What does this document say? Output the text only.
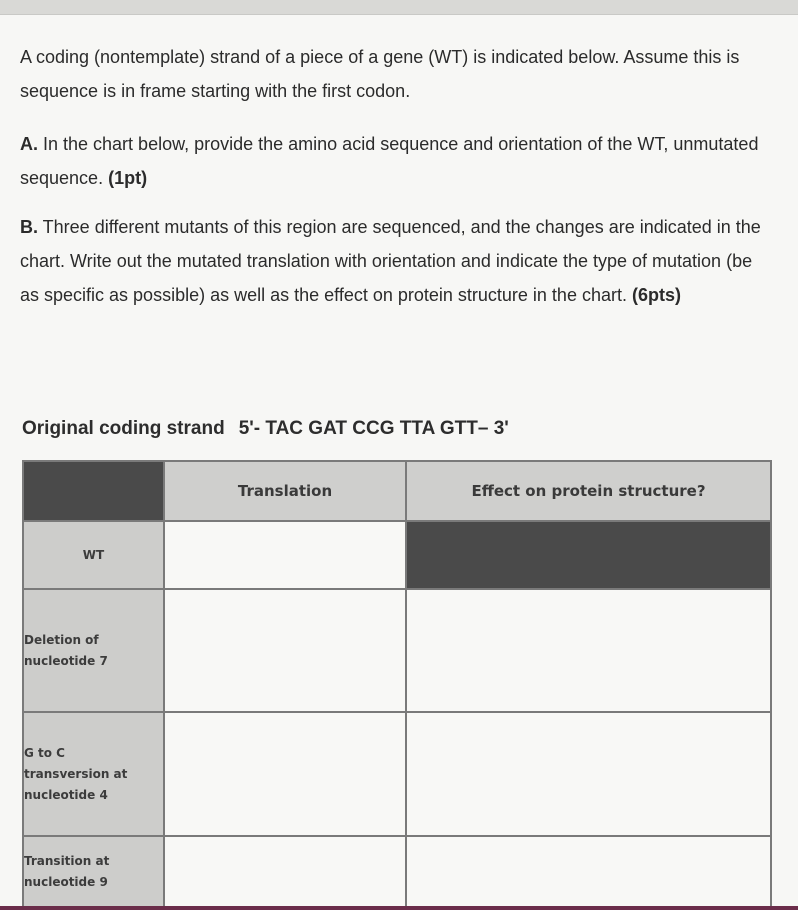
A coding (nontemplate) strand of a piece of a gene (WT) is indicated below. Assume this is sequence is in frame starting with the first codon.

A. In the chart below, provide the amino acid sequence and orientation of the WT, unmutated sequence. (1pt)

B. Three different mutants of this region are sequenced, and the changes are indicated in the chart. Write out the mutated translation with orientation and indicate the type of mutation (be as specific as possible) as well as the effect on protein structure in the chart. (6pts)

Original coding strand 5'- TAC GAT CCG TTA GTT– 3'
	Translation	Effect on protein structure?

WT		

Deletion of
nucleotide 7		

G to C
transversion at
nucleotide 4		

Transition at
nucleotide 9		
